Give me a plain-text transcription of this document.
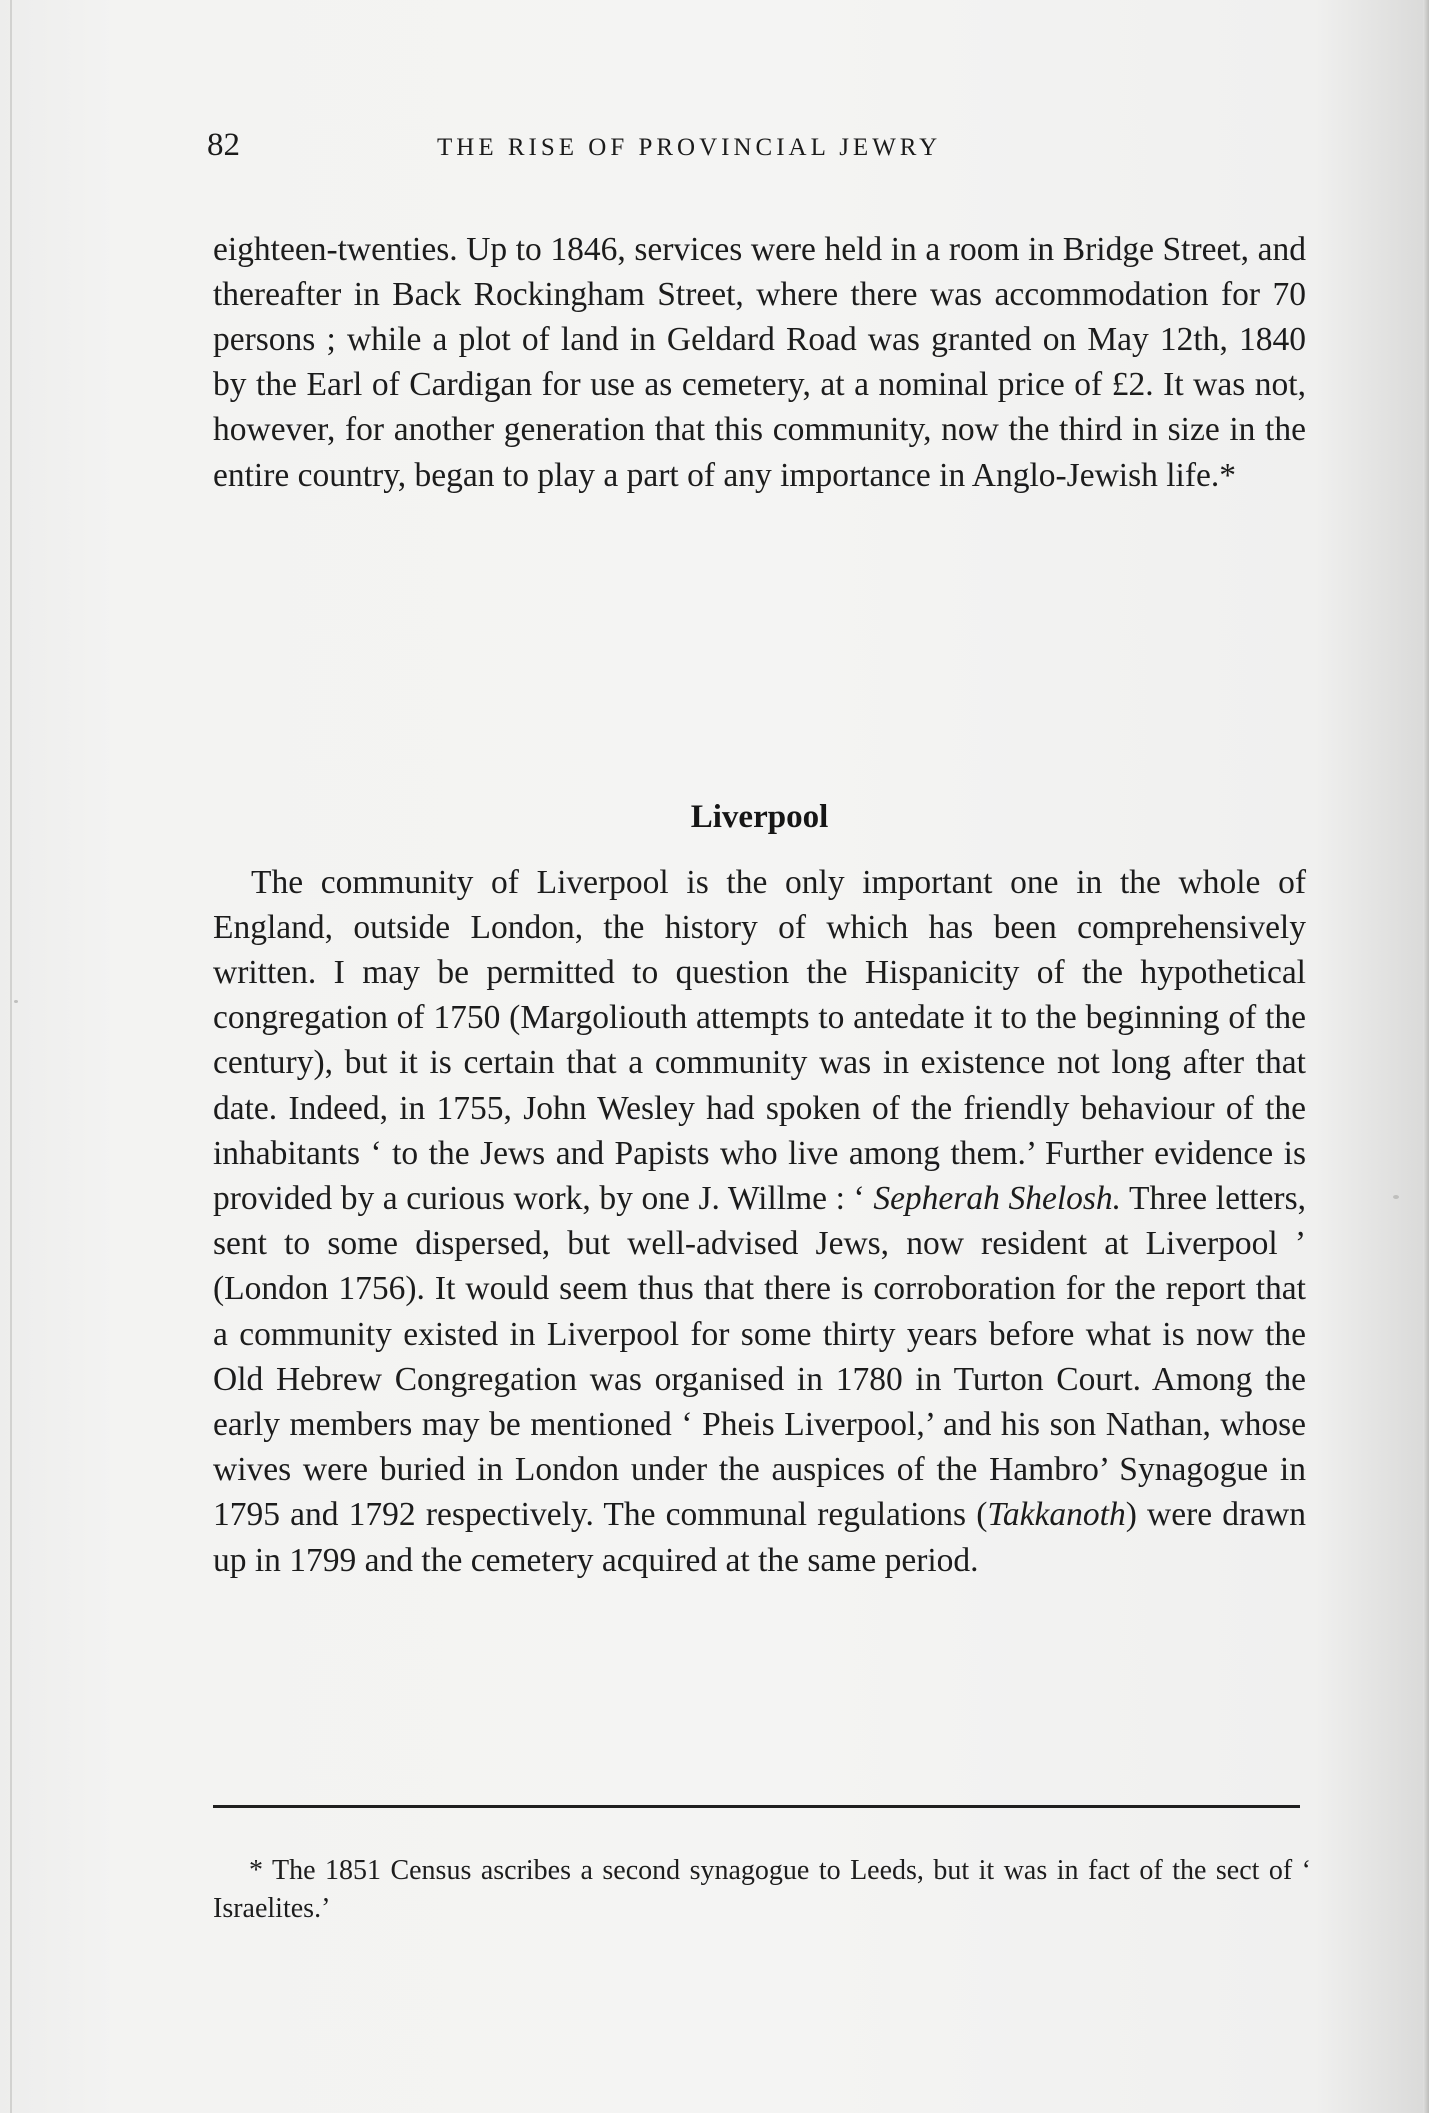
82	THE RISE OF PROVINCIAL JEWRY

eighteen-twenties. Up to 1846, services were held in a room in Bridge Street, and thereafter in Back Rockingham Street, where there was accommodation for 70 persons ; while a plot of land in Geldard Road was granted on May 12th, 1840 by the Earl of Cardigan for use as cemetery, at a nominal price of £2. It was not, however, for another generation that this community, now the third in size in the entire country, began to play a part of any importance in Anglo-Jewish life.*

Liverpool

The community of Liverpool is the only important one in the whole of England, outside London, the history of which has been comprehensively written. I may be permitted to question the Hispanicity of the hypothetical congregation of 1750 (Margoliouth attempts to antedate it to the beginning of the century), but it is certain that a community was in existence not long after that date. Indeed, in 1755, John Wesley had spoken of the friendly behaviour of the inhabitants ‘ to the Jews and Papists who live among them.’ Further evidence is provided by a curious work, by one J. Willme : ‘ Sepherah Shelosh. Three letters, sent to some dispersed, but well-advised Jews, now resident at Liverpool ’ (London 1756). It would seem thus that there is corroboration for the report that a community existed in Liverpool for some thirty years before what is now the Old Hebrew Congregation was organised in 1780 in Turton Court. Among the early members may be mentioned ‘ Pheis Liverpool,’ and his son Nathan, whose wives were buried in London under the auspices of the Hambro’ Synagogue in 1795 and 1792 respectively. The communal regulations (Takkanoth) were drawn up in 1799 and the cemetery acquired at the same period.

* The 1851 Census ascribes a second synagogue to Leeds, but it was in fact of the sect of ‘ Israelites.’
